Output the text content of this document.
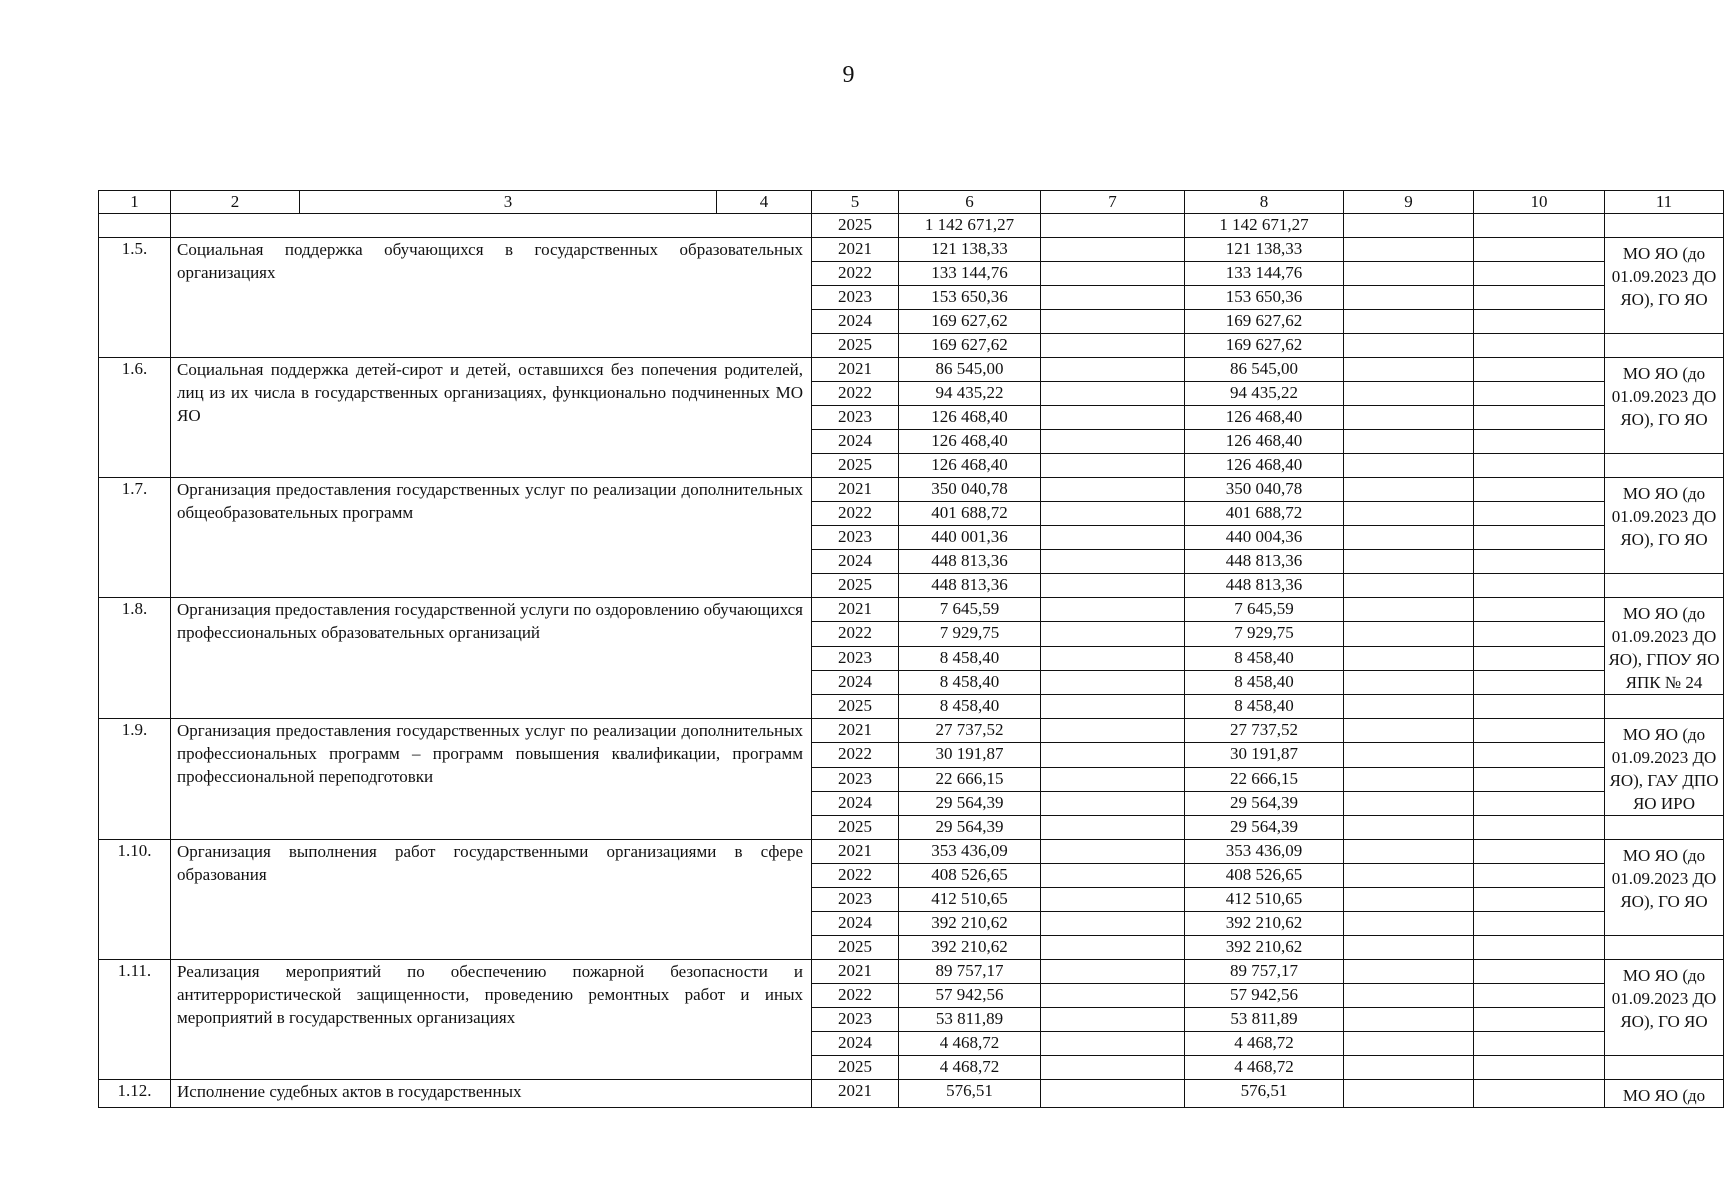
9
1	2	3	4	5	6	7	8	9	10	11
				2025	1 142 671,27		1 142 671,27			
1.5.	Социальная поддержка обучающихся в государственных образовательных организациях			2021	121 138,33		121 138,33			МО ЯО (до 01.09.2023 ДО ЯО), ГО ЯО
				2022	133 144,76		133 144,76			
				2023	153 650,36		153 650,36			
				2024	169 627,62		169 627,62			
				2025	169 627,62		169 627,62			
1.6.	Социальная поддержка детей-сирот и детей, оставшихся без попечения родителей, лиц из их числа в государственных организациях, функционально подчиненных МО ЯО			2021	86 545,00		86 545,00			МО ЯО (до 01.09.2023 ДО ЯО), ГО ЯО
				2022	94 435,22		94 435,22			
				2023	126 468,40		126 468,40			
				2024	126 468,40		126 468,40			
				2025	126 468,40		126 468,40			
1.7.	Организация предоставления государственных услуг по реализации дополнительных общеобразовательных программ			2021	350 040,78		350 040,78			МО ЯО (до 01.09.2023 ДО ЯО), ГО ЯО
				2022	401 688,72		401 688,72			
				2023	440 001,36		440 004,36			
				2024	448 813,36		448 813,36			
				2025	448 813,36		448 813,36			
1.8.	Организация предоставления государственной услуги по оздоровлению обучающихся профессиональных образовательных организаций			2021	7 645,59		7 645,59			МО ЯО (до 01.09.2023 ДО ЯО), ГПОУ ЯО ЯПК № 24
				2022	7 929,75		7 929,75			
				2023	8 458,40		8 458,40			
				2024	8 458,40		8 458,40			
				2025	8 458,40		8 458,40			
1.9.	Организация предоставления государственных услуг по реализации дополнительных профессиональных программ – программ повышения квалификации, программ профессиональной переподготовки			2021	27 737,52		27 737,52			МО ЯО (до 01.09.2023 ДО ЯО), ГАУ ДПО ЯО ИРО
				2022	30 191,87		30 191,87			
				2023	22 666,15		22 666,15			
				2024	29 564,39		29 564,39			
				2025	29 564,39		29 564,39			
1.10.	Организация выполнения работ государственными организациями в сфере образования			2021	353 436,09		353 436,09			МО ЯО (до 01.09.2023 ДО ЯО), ГО ЯО
				2022	408 526,65		408 526,65			
				2023	412 510,65		412 510,65			
				2024	392 210,62		392 210,62			
				2025	392 210,62		392 210,62			
1.11.	Реализация мероприятий по обеспечению пожарной безопасности и антитеррористической защищенности, проведению ремонтных работ и иных мероприятий в государственных организациях			2021	89 757,17		89 757,17			МО ЯО (до 01.09.2023 ДО ЯО), ГО ЯО
				2022	57 942,56		57 942,56			
				2023	53 811,89		53 811,89			
				2024	4 468,72		4 468,72			
				2025	4 468,72		4 468,72			
1.12.	Исполнение судебных актов в государственных			2021	576,51		576,51			МО ЯО (до
